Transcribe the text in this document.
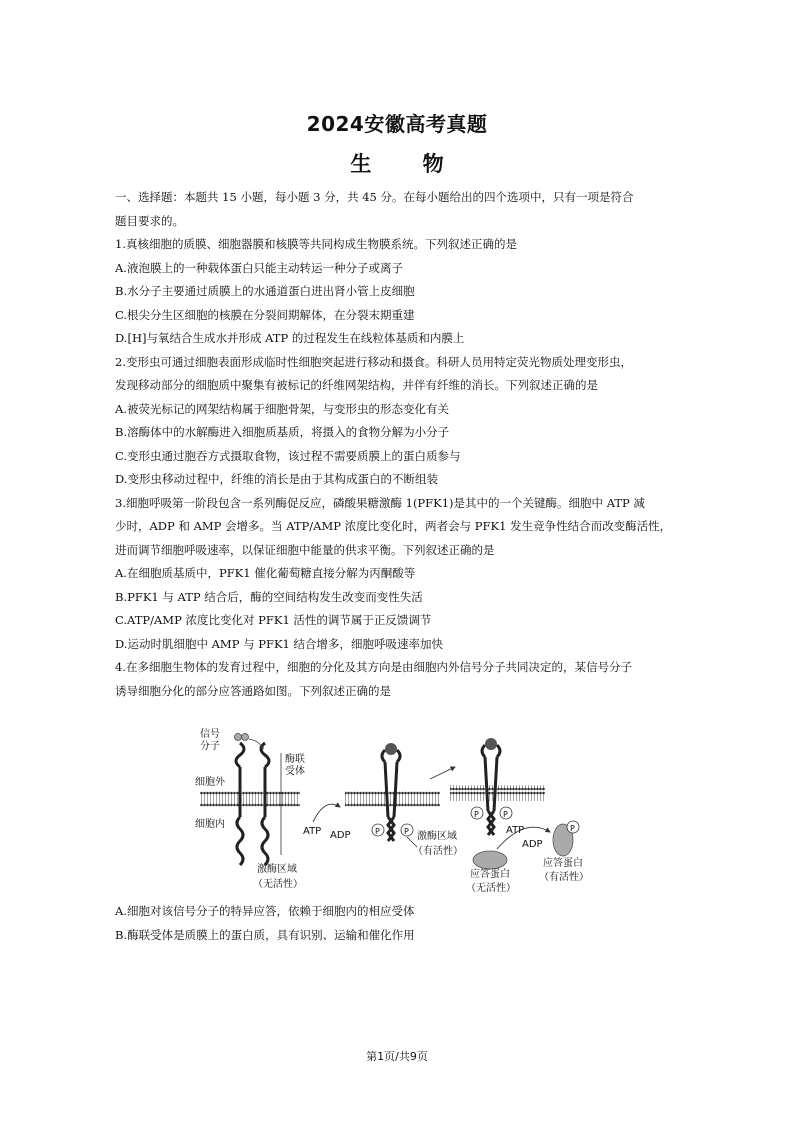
2024安徽高考真题
生 物
一、选择题：本题共 15 小题，每小题 3 分，共 45 分。在每小题给出的四个选项中，只有一项是符合
题目要求的。
1.真核细胞的质膜、细胞器膜和核膜等共同构成生物膜系统。下列叙述正确的是
A.液泡膜上的一种载体蛋白只能主动转运一种分子或离子
B.水分子主要通过质膜上的水通道蛋白进出肾小管上皮细胞
C.根尖分生区细胞的核膜在分裂间期解体，在分裂末期重建
D.[H]与氧结合生成水并形成 ATP 的过程发生在线粒体基质和内膜上
2.变形虫可通过细胞表面形成临时性细胞突起进行移动和摄食。科研人员用特定荧光物质处理变形虫，
发现移动部分的细胞质中聚集有被标记的纤维网架结构，并伴有纤维的消长。下列叙述正确的是
A.被荧光标记的网架结构属于细胞骨架，与变形虫的形态变化有关
B.溶酶体中的水解酶进入细胞质基质，将摄入的食物分解为小分子
C.变形虫通过胞吞方式摄取食物，该过程不需要质膜上的蛋白质参与
D.变形虫移动过程中，纤维的消长是由于其构成蛋白的不断组装
3.细胞呼吸第一阶段包含一系列酶促反应，磷酸果糖激酶 1(PFK1)是其中的一个关键酶。细胞中 ATP 减
少时，ADP 和 AMP 会增多。当 ATP/AMP 浓度比变化时，两者会与 PFK1 发生竞争性结合而改变酶活性，
进而调节细胞呼吸速率，以保证细胞中能量的供求平衡。下列叙述正确的是
A.在细胞质基质中，PFK1 催化葡萄糖直接分解为丙酮酸等
B.PFK1 与 ATP 结合后，酶的空间结构发生改变而变性失活
C.ATP/AMP 浓度比变化对 PFK1 活性的调节属于正反馈调节
D.运动时肌细胞中 AMP 与 PFK1 结合增多，细胞呼吸速率加快
4.在多细胞生物体的发育过程中，细胞的分化及其方向是由细胞内外信号分子共同决定的，某信号分子
诱导细胞分化的部分应答通路如图。下列叙述正确的是
信号
分子
酶联
受体
细胞外
细胞内
激酶区域
（无活性）
ATP ADP	P	P 激酶区域
（有活性）
P	P
P
ATP
ADP
应答蛋白
（无活性）
应答蛋白
（有活性）
A.细胞对该信号分子的特异应答，依赖于细胞内的相应受体
B.酶联受体是质膜上的蛋白质，具有识别、运输和催化作用
第1页/共9页
